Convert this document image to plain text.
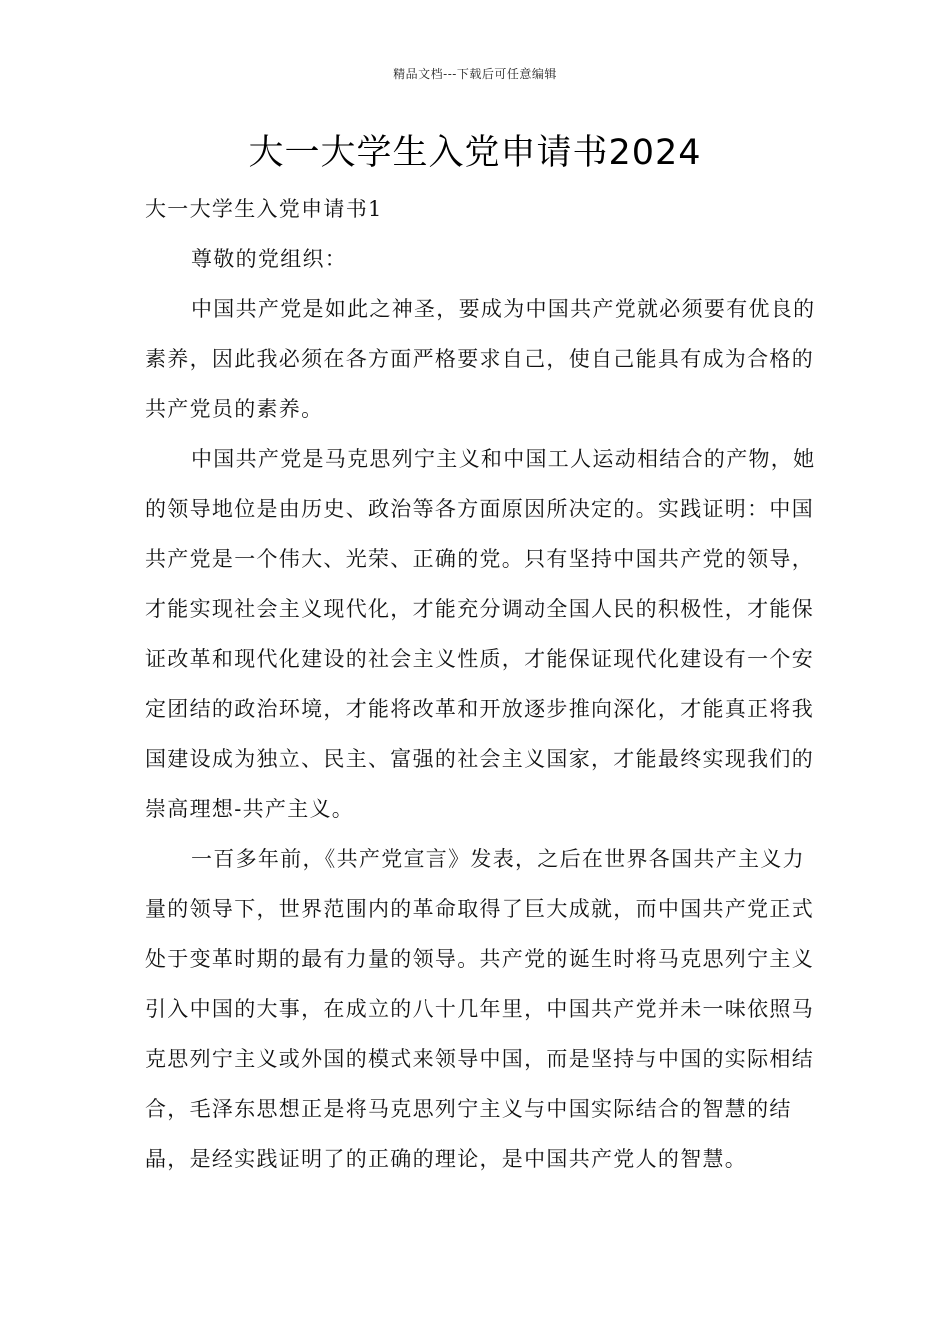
精品文档---下载后可任意编辑
大一大学生入党申请书2024

大一大学生入党申请书1

尊敬的党组织：

中国共产党是如此之神圣，要成为中国共产党就必须要有优良的素养，因此我必须在各方面严格要求自己，使自己能具有成为合格的共产党员的素养。

中国共产党是马克思列宁主义和中国工人运动相结合的产物，她的领导地位是由历史、政治等各方面原因所决定的。实践证明：中国共产党是一个伟大、光荣、正确的党。只有坚持中国共产党的领导，才能实现社会主义现代化，才能充分调动全国人民的积极性，才能保证改革和现代化建设的社会主义性质，才能保证现代化建设有一个安定团结的政治环境，才能将改革和开放逐步推向深化，才能真正将我国建设成为独立、民主、富强的社会主义国家，才能最终实现我们的崇高理想-共产主义。

一百多年前，《共产党宣言》发表，之后在世界各国共产主义力量的领导下，世界范围内的革命取得了巨大成就，而中国共产党正式处于变革时期的最有力量的领导。共产党的诞生时将马克思列宁主义引入中国的大事，在成立的八十几年里，中国共产党并未一味依照马克思列宁主义或外国的模式来领导中国，而是坚持与中国的实际相结合，毛泽东思想正是将马克思列宁主义与中国实际结合的智慧的结晶，是经实践证明了的正确的理论，是中国共产党人的智慧。
